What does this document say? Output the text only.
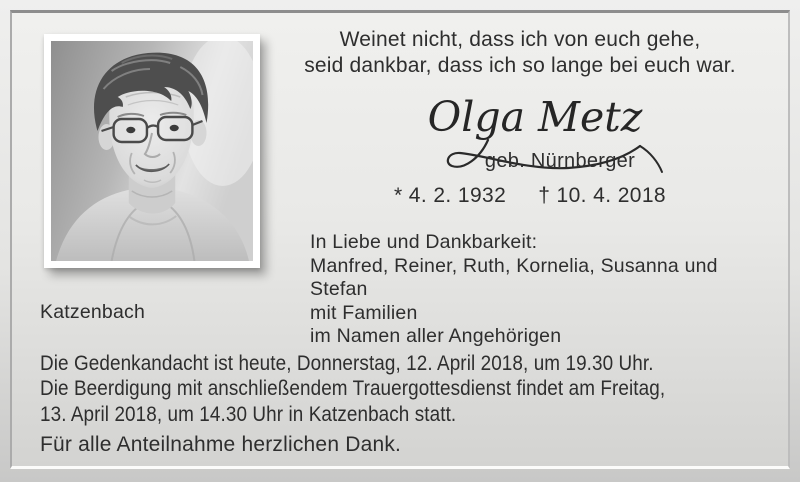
Weinet nicht, dass ich von euch gehe,
seid dankbar, dass ich so lange bei euch war.
Olga Metz
geb. Nürnberger
* 4. 2. 1932 † 10. 4. 2018
In Liebe und Dankbarkeit:
Manfred, Reiner, Ruth, Kornelia, Susanna und Stefan
mit Familien
im Namen aller Angehörigen
Katzenbach
Die Gedenkandacht ist heute, Donnerstag, 12. April 2018, um 19.30 Uhr.
Die Beerdigung mit anschließendem Trauergottesdienst findet am Freitag,
13. April 2018, um 14.30 Uhr in Katzenbach statt.
Für alle Anteilnahme herzlichen Dank.
